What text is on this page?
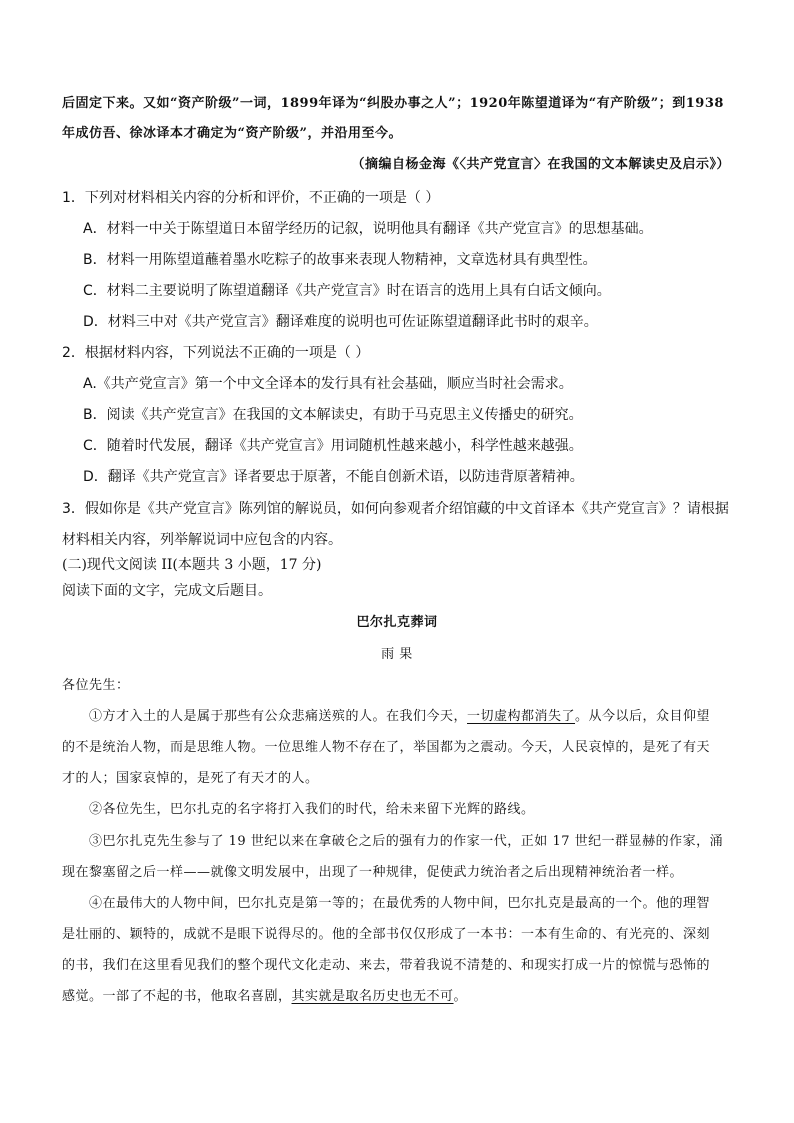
后固定下来。又如“资产阶级”一词，1899年译为“纠股办事之人”；1920年陈望道译为“有产阶级”；到1938
年成仿吾、徐冰译本才确定为“资产阶级”，并沿用至今。
（摘编自杨金海《〈共产党宣言〉在我国的文本解读史及启示》）
1．下列对材料相关内容的分析和评价，不正确的一项是（ ）
A．材料一中关于陈望道日本留学经历的记叙，说明他具有翻译《共产党宣言》的思想基础。
B．材料一用陈望道蘸着墨水吃粽子的故事来表现人物精神，文章选材具有典型性。
C．材料二主要说明了陈望道翻译《共产党宣言》时在语言的选用上具有白话文倾向。
D．材料三中对《共产党宣言》翻译难度的说明也可佐证陈望道翻译此书时的艰辛。
2．根据材料内容，下列说法不正确的一项是（ ）
A.《共产党宣言》第一个中文全译本的发行具有社会基础，顺应当时社会需求。
B．阅读《共产党宣言》在我国的文本解读史，有助于马克思主义传播史的研究。
C．随着时代发展，翻译《共产党宣言》用词随机性越来越小，科学性越来越强。
D．翻译《共产党宣言》译者要忠于原著，不能自创新术语，以防违背原著精神。
3．假如你是《共产党宣言》陈列馆的解说员，如何向参观者介绍馆藏的中文首译本《共产党宣言》？请根据
材料相关内容，列举解说词中应包含的内容。
(二)现代文阅读 II(本题共 3 小题，17 分)
阅读下面的文字，完成文后题目。
巴尔扎克葬词
雨 果
各位先生：
①方才入土的人是属于那些有公众悲痛送殡的人。在我们今天，一切虚构都消失了。从今以后，众目仰望
的不是统治人物，而是思维人物。一位思维人物不存在了，举国都为之震动。今天，人民哀悼的，是死了有天
才的人；国家哀悼的，是死了有天才的人。
②各位先生，巴尔扎克的名字将打入我们的时代，给未来留下光辉的路线。
③巴尔扎克先生参与了 19 世纪以来在拿破仑之后的强有力的作家一代，正如 17 世纪一群显赫的作家，涌
现在黎塞留之后一样——就像文明发展中，出现了一种规律，促使武力统治者之后出现精神统治者一样。
④在最伟大的人物中间，巴尔扎克是第一等的；在最优秀的人物中间，巴尔扎克是最高的一个。他的理智
是壮丽的、颖特的，成就不是眼下说得尽的。他的全部书仅仅形成了一本书：一本有生命的、有光亮的、深刻
的书，我们在这里看见我们的整个现代文化走动、来去，带着我说不清楚的、和现实打成一片的惊慌与恐怖的
感觉。一部了不起的书，他取名喜剧，其实就是取名历史也无不可。
